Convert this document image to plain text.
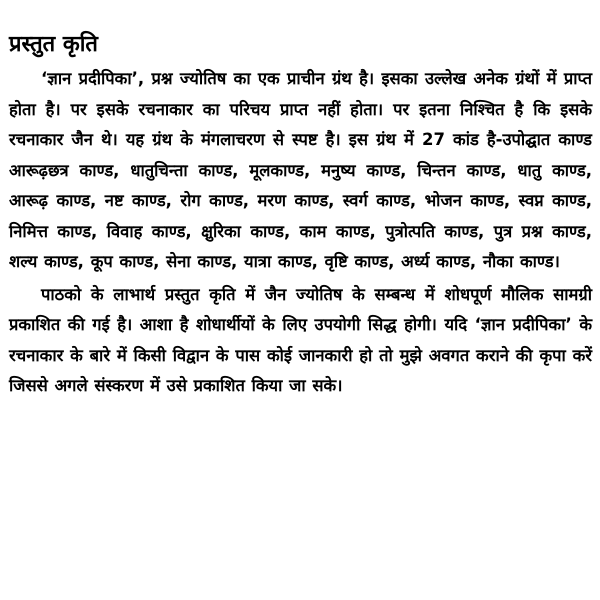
प्रस्तुत कृति

‘ज्ञान प्रदीपिका’, प्रश्न ज्योतिष का एक प्राचीन ग्रंथ है। इसका उल्लेख अनेक ग्रंथों में प्राप्त होता है। पर इसके रचनाकार का परिचय प्राप्त नहीं होता। पर इतना निश्चित है कि इसके रचनाकार जैन थे। यह ग्रंथ के मंगलाचरण से स्पष्ट है। इस ग्रंथ में 27 कांड है-उपोद्घात काण्ड आरूढ़छत्र काण्ड, धातुचिन्ता काण्ड, मूलकाण्ड, मनुष्य काण्ड, चिन्तन काण्ड, धातु काण्ड, आरूढ़ काण्ड, नष्ट काण्ड, रोग काण्ड, मरण काण्ड, स्वर्ग काण्ड, भोजन काण्ड, स्वप्न काण्ड, निमित्त काण्ड, विवाह काण्ड, क्षुरिका काण्ड, काम काण्ड, पुत्रोत्पति काण्ड, पुत्र प्रश्न काण्ड, शल्य काण्ड, कूप काण्ड, सेना काण्ड, यात्रा काण्ड, वृष्टि काण्ड, अर्ध्य काण्ड, नौका काण्ड।

पाठको के लाभार्थ प्रस्तुत कृति में जैन ज्योतिष के सम्बन्ध में शोधपूर्ण मौलिक सामग्री प्रकाशित की गई है। आशा है शोधार्थीयों के लिए उपयोगी सिद्ध होगी। यदि ‘ज्ञान प्रदीपिका’ के रचनाकार के बारे में किसी विद्वान के पास कोई जानकारी हो तो मुझे अवगत कराने की कृपा करें जिससे अगले संस्करण में उसे प्रकाशित किया जा सके।
